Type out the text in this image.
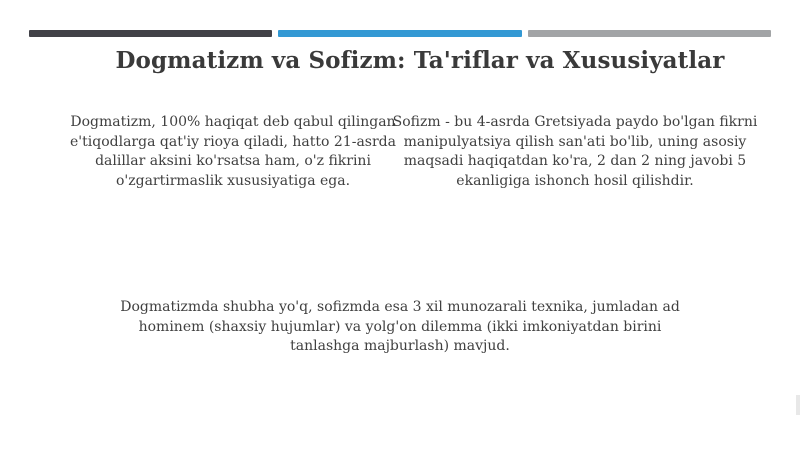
Dogmatizm va Sofizm: Ta'riflar va Xususiyatlar
Dogmatizm, 100% haqiqat deb qabul qilingan e'tiqodlarga qat'iy rioya qiladi, hatto 21-asrda dalillar aksini ko'rsatsa ham, o'z fikrini o'zgartirmaslik xususiyatiga ega.
Sofizm - bu 4-asrda Gretsiyada paydo bo'lgan fikrni manipulyatsiya qilish san'ati bo'lib, uning asosiy maqsadi haqiqatdan ko'ra, 2 dan 2 ning javobi 5 ekanligiga ishonch hosil qilishdir.
Dogmatizmda shubha yo'q, sofizmda esa 3 xil munozarali texnika, jumladan ad hominem (shaxsiy hujumlar) va yolg'on dilemma (ikki imkoniyatdan birini tanlashga majburlash) mavjud.
